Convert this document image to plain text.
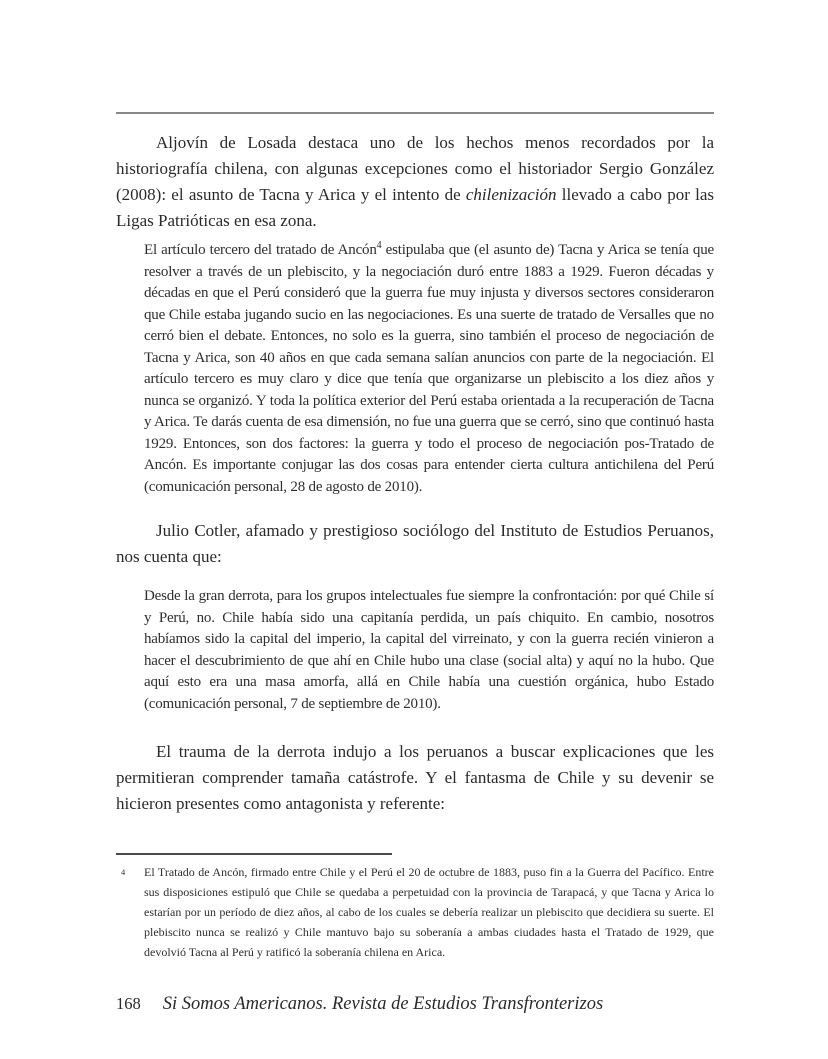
Aljovín de Losada destaca uno de los hechos menos recordados por la historiografía chilena, con algunas excepciones como el historiador Sergio González (2008): el asunto de Tacna y Arica y el intento de chilenización llevado a cabo por las Ligas Patrióticas en esa zona.

El artículo tercero del tratado de Ancón$^4$ estipulaba que (el asunto de) Tacna y Arica se tenía que resolver a través de un plebiscito, y la negociación duró entre 1883 a 1929. Fueron décadas y décadas en que el Perú consideró que la guerra fue muy injusta y diversos sectores consideraron que Chile estaba jugando sucio en las negociaciones. Es una suerte de tratado de Versalles que no cerró bien el debate. Entonces, no solo es la guerra, sino también el proceso de negociación de Tacna y Arica, son 40 años en que cada semana salían anuncios con parte de la negociación. El artículo tercero es muy claro y dice que tenía que organizarse un plebiscito a los diez años y nunca se organizó. Y toda la política exterior del Perú estaba orientada a la recuperación de Tacna y Arica. Te darás cuenta de esa dimensión, no fue una guerra que se cerró, sino que continuó hasta 1929. Entonces, son dos factores: la guerra y todo el proceso de negociación pos-Tratado de Ancón. Es importante conjugar las dos cosas para entender cierta cultura antichilena del Perú (comunicación personal, 28 de agosto de 2010).

Julio Cotler, afamado y prestigioso sociólogo del Instituto de Estudios Peruanos, nos cuenta que:

Desde la gran derrota, para los grupos intelectuales fue siempre la confrontación: por qué Chile sí y Perú, no. Chile había sido una capitanía perdida, un país chiquito. En cambio, nosotros habíamos sido la capital del imperio, la capital del virreinato, y con la guerra recién vinieron a hacer el descubrimiento de que ahí en Chile hubo una clase (social alta) y aquí no la hubo. Que aquí esto era una masa amorfa, allá en Chile había una cuestión orgánica, hubo Estado (comunicación personal, 7 de septiembre de 2010).

El trauma de la derrota indujo a los peruanos a buscar explicaciones que les permitieran comprender tamaña catástrofe. Y el fantasma de Chile y su devenir se hicieron presentes como antagonista y referente:

4 El Tratado de Ancón, firmado entre Chile y el Perú el 20 de octubre de 1883, puso fin a la Guerra del Pacífico. Entre sus disposiciones estipuló que Chile se quedaba a perpetuidad con la provincia de Tarapacá, y que Tacna y Arica lo estarían por un período de diez años, al cabo de los cuales se debería realizar un plebiscito que decidiera su suerte. El plebiscito nunca se realizó y Chile mantuvo bajo su soberanía a ambas ciudades hasta el Tratado de 1929, que devolvió Tacna al Perú y ratificó la soberanía chilena en Arica.
168 Si Somos Americanos. Revista de Estudios Transfronterizos
